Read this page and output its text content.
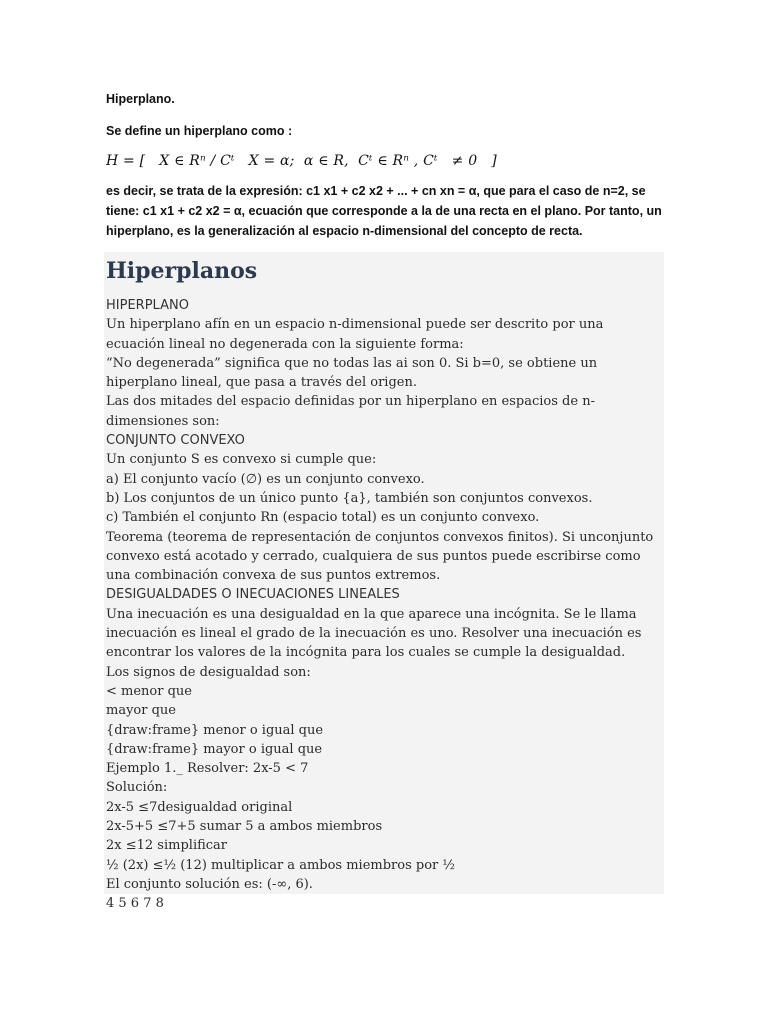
Hiperplano.

Se define un hiperplano como :

H = [   X ∈ Rⁿ / Cᵗ   X = α;  α ∈ R,  Cᵗ ∈ Rⁿ , Cᵗ   ≠ 0   ]

es decir, se trata de la expresión: c1 x1 + c2 x2 + ... + cn xn = α, que para el caso de n=2, se tiene: c1 x1 + c2 x2 = α, ecuación que corresponde a la de una recta en el plano. Por tanto, un hiperplano, es la generalización al espacio n-dimensional del concepto de recta.

Hiperplanos
HIPERPLANO
Un hiperplano afín en un espacio n-dimensional puede ser descrito por una ecuación lineal no degenerada con la siguiente forma:
“No degenerada” significa que no todas las ai son 0. Si b=0, se obtiene un hiperplano lineal, que pasa a través del origen.
Las dos mitades del espacio definidas por un hiperplano en espacios de n-dimensiones son:
CONJUNTO CONVEXO
Un conjunto S es convexo si cumple que:
a) El conjunto vacío (∅) es un conjunto convexo.
b) Los conjuntos de un único punto {a}, también son conjuntos convexos.
c) También el conjunto Rn (espacio total) es un conjunto convexo.
Teorema (teorema de representación de conjuntos convexos finitos). Si unconjunto convexo está acotado y cerrado, cualquiera de sus puntos puede escribirse como una combinación convexa de sus puntos extremos.
DESIGUALDADES O INECUACIONES LINEALES
Una inecuación es una desigualdad en la que aparece una incógnita. Se le llama inecuación es lineal el grado de la inecuación es uno. Resolver una inecuación es encontrar los valores de la incógnita para los cuales se cumple la desigualdad.
Los signos de desigualdad son:
< menor que
mayor que
{draw:frame} menor o igual que
{draw:frame} mayor o igual que
Ejemplo 1._ Resolver: 2x-5 < 7
Solución:
2x-5 ≤7desigualdad original
2x-5+5 ≤7+5 sumar 5 a ambos miembros
2x ≤12 simplificar
½ (2x) ≤½ (12) multiplicar a ambos miembros por ½
El conjunto solución es: (-∞, 6).
4 5 6 7 8
